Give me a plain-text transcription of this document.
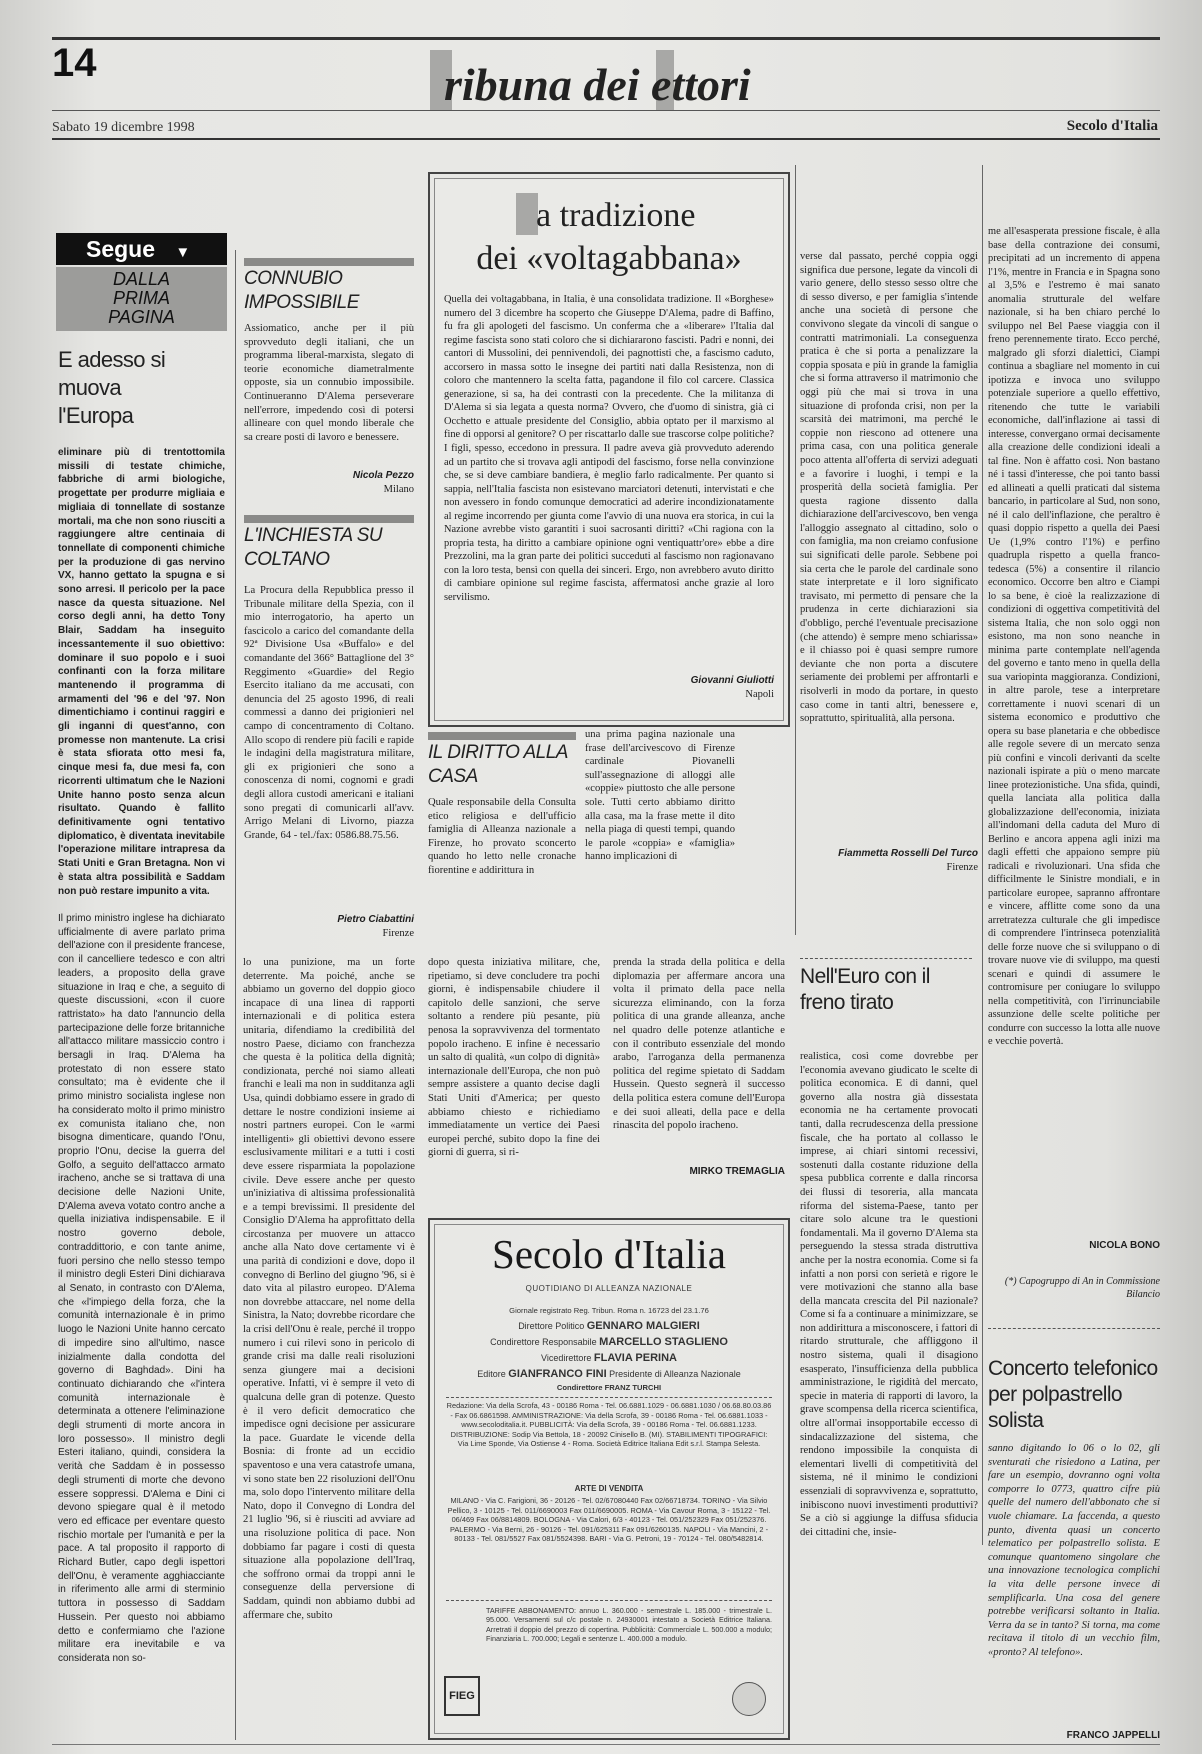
14	ribuna dei ettori
Sabato 19 dicembre 1998	Secolo d'Italia
Segue ▼
DALLA PRIMA PAGINA
E adesso si muova l'Europa
eliminare più di trentottomila missili di testate chimiche, fabbriche di armi biologiche, progettate per produrre migliaia e migliaia di tonnellate di sostanze mortali, ma che non sono riusciti a raggiungere altre centinaia di tonnellate di componenti chimiche per la produzione di gas nervino VX, hanno gettato la spugna e si sono arresi. Il pericolo per la pace nasce da questa situazione. Nel corso degli anni, ha detto Tony Blair, Saddam ha inseguito incessantemente il suo obiettivo: dominare il suo popolo e i suoi confinanti con la forza militare mantenendo il programma di armamenti del '96 e del '97. Non dimentichiamo i continui raggiri e gli inganni di quest'anno, con promesse non mantenute. La crisi è stata sfiorata otto mesi fa, cinque mesi fa, due mesi fa, con ricorrenti ultimatum che le Nazioni Unite hanno posto senza alcun risultato. Quando è fallito definitivamente ogni tentativo diplomatico, è diventata inevitabile l'operazione militare intrapresa da Stati Uniti e Gran Bretagna. Non vi è stata altra possibilità e Saddam non può restare impunito a vita.
Il primo ministro inglese ha dichiarato ufficialmente di avere parlato prima dell'azione con il presidente francese, con il cancelliere tedesco e con altri leaders, a proposito della grave situazione in Iraq e che, a seguito di queste discussioni, «con il cuore rattristato» ha dato l'annuncio della partecipazione delle forze britanniche all'attacco militare massiccio contro i bersagli in Iraq. D'Alema ha protestato di non essere stato consultato; ma è evidente che il primo ministro socialista inglese non ha considerato molto il primo ministro ex comunista italiano che, non bisogna dimenticare, quando l'Onu, proprio l'Onu, decise la guerra del Golfo, a seguito dell'attacco armato iracheno, anche se si trattava di una decisione delle Nazioni Unite, D'Alema aveva votato contro anche a quella iniziativa indispensabile. E il nostro governo debole, contraddittorio, e con tante anime, fuori persino che nello stesso tempo il ministro degli Esteri Dini dichiarava al Senato, in contrasto con D'Alema, che «l'impiego della forza, che la comunità internazionale è in primo luogo le Nazioni Unite hanno cercato di impedire sino all'ultimo, nasce inizialmente dalla condotta del governo di Baghdad». Dini ha continuato dichiarando che «l'intera comunità internazionale è determinata a ottenere l'eliminazione degli strumenti di morte ancora in loro possesso». Il ministro degli Esteri italiano, quindi, considera la verità che Saddam è in possesso degli strumenti di morte che devono essere soppressi. D'Alema e Dini ci devono spiegare qual è il metodo vero ed efficace per eventare questo rischio mortale per l'umanità e per la pace. A tal proposito il rapporto di Richard Butler, capo degli ispettori dell'Onu, è veramente agghiacciante in riferimento alle armi di sterminio tuttora in possesso di Saddam Hussein. Per questo noi abbiamo detto e confermiamo che l'azione militare era inevitabile e va considerata non so-
CONNUBIO IMPOSSIBILE
Assiomatico, anche per il più sprovveduto degli italiani, che un programma liberal-marxista, slegato di teorie economiche diametralmente opposte, sia un connubio impossibile. Continueranno D'Alema perseverare nell'errore, impedendo così di potersi allineare con quel mondo liberale che sa creare posti di lavoro e benessere.
Nicola Pezzo
Milano
L'INCHIESTA SU COLTANO
La Procura della Repubblica presso il Tribunale militare della Spezia, con il mio interrogatorio, ha aperto un fascicolo a carico del comandante della 92ª Divisione Usa «Buffalo» e del comandante del 366° Battaglione del 3° Reggimento «Guardie» del Regio Esercito italiano da me accusati, con denuncia del 25 agosto 1996, di reali commessi a danno dei prigionieri nel campo di concentramento di Coltano. Allo scopo di rendere più facili e rapide le indagini della magistratura militare, gli ex prigionieri che sono a conoscenza di nomi, cognomi e gradi degli allora custodi americani e italiani sono pregati di comunicarli all'avv. Arrigo Melani di Livorno, piazza Grande, 64 - tel./fax: 0586.88.75.56.
Pietro Ciabattini
Firenze
a tradizione
dei «voltagabbana»
Quella dei voltagabbana, in Italia, è una consolidata tradizione. Il «Borghese» numero del 3 dicembre ha scoperto che Giuseppe D'Alema, padre di Baffino, fu fra gli apologeti del fascismo. Un conferma che a «liberare» l'Italia dal regime fascista sono stati coloro che si dichiararono fascisti. Padri e nonni, dei cantori di Mussolini, dei pennivendoli, dei pagnottisti che, a fascismo caduto, accorsero in massa sotto le insegne dei partiti nati dalla Resistenza, non di coloro che mantennero la scelta fatta, pagandone il filo col carcere. Classica generazione, si sa, ha dei contrasti con la precedente. Che la militanza di D'Alema si sia legata a questa norma? Ovvero, che d'uomo di sinistra, già ci Occhetto e attuale presidente del Consiglio, abbia optato per il marxismo al fine di opporsi al genitore? O per riscattarlo dalle sue trascorse colpe politiche? I figli, spesso, eccedono in pressura. Il padre aveva già provveduto aderendo ad un partito che si trovava agli antipodi del fascismo, forse nella convinzione che, se si deve cambiare bandiera, è meglio farlo radicalmente. Per quanto si sappia, nell'Italia fascista non esistevano marciatori detenuti, intervistati e che non avessero in fondo comunque democratici ad aderire incondizionatamente al regime incorrendo per giunta come l'avvio di una nuova era storica, in cui la Nazione avrebbe visto garantiti i suoi sacrosanti diritti? «Chi ragiona con la propria testa, ha diritto a cambiare opinione ogni ventiquattr'ore» ebbe a dire Prezzolini, ma la gran parte dei politici succeduti al fascismo non ragionavano con la loro testa, bensì con quella dei sinceri. Ergo, non avrebbero avuto diritto di cambiare opinione sul regime fascista, affermatosi anche grazie al loro servilismo.
Giovanni Giuliotti
Napoli
IL DIRITTO ALLA CASA
Quale responsabile della Consulta etico religiosa e dell'ufficio famiglia di Alleanza nazionale a Firenze, ho provato sconcerto quando ho letto nelle cronache fiorentine e addirittura in
una prima pagina nazionale una frase dell'arcivescovo di Firenze cardinale Piovanelli sull'assegnazione di alloggi alle «coppie» piuttosto che alle persone sole. Tutti certo abbiamo diritto alla casa, ma la frase mette il dito nella piaga di questi tempi, quando le parole «coppia» e «famiglia» hanno implicazioni di
verse dal passato, perché coppia oggi significa due persone, legate da vincoli di vario genere, dello stesso sesso oltre che di sesso diverso, e per famiglia s'intende anche una società di persone che convivono slegate da vincoli di sangue o contratti matrimoniali. La conseguenza pratica è che si porta a penalizzare la coppia sposata e più in grande la famiglia che si forma attraverso il matrimonio che oggi più che mai si trova in una situazione di profonda crisi, non per la scarsità dei matrimoni, ma perché le coppie non riescono ad ottenere una prima casa, con una politica generale poco attenta all'offerta di servizi adeguati e a favorire i luoghi, i tempi e la prosperità della società famiglia. Per questa ragione dissento dalla dichiarazione dell'arcivescovo, ben venga l'alloggio assegnato al cittadino, solo o con famiglia, ma non creiamo confusione sui significati delle parole. Sebbene poi sia certa che le parole del cardinale sono state interpretate e il loro significato travisato, mi permetto di pensare che la prudenza in certe dichiarazioni sia d'obbligo, perché l'eventuale precisazione (che attendo) è sempre meno schiarissa» e il chiasso poi è quasi sempre rumore deviante che non porta a discutere seriamente dei problemi per affrontarli e risolverli in modo da portare, in questo caso come in tanti altri, benessere e, soprattutto, spiritualità, alla persona.
Fiammetta Rosselli Del Turco
Firenze
me all'esasperata pressione fiscale, è alla base della contrazione dei consumi, precipitati ad un incremento di appena l'1%, mentre in Francia e in Spagna sono al 3,5% e l'estremo è mai sanato anomalia strutturale del welfare nazionale, si ha ben chiaro perché lo sviluppo nel Bel Paese viaggia con il freno perennemente tirato. Ecco perché, malgrado gli sforzi dialettici, Ciampi continua a sbagliare nel momento in cui ipotizza e invoca uno sviluppo potenziale superiore a quello effettivo, ritenendo che tutte le variabili economiche, dall'inflazione ai tassi di interesse, convergano ormai decisamente alla creazione delle condizioni ideali a tal fine. Non è affatto così. Non bastano né i tassi d'interesse, che poi tanto bassi ed allineati a quelli praticati dal sistema bancario, in particolare al Sud, non sono, né il calo dell'inflazione, che peraltro è quasi doppio rispetto a quella dei Paesi Ue (1,9% contro l'1%) e perfino quadrupla rispetto a quella franco-tedesca (5%) a consentire il rilancio economico. Occorre ben altro e Ciampi lo sa bene, è cioè la realizzazione di condizioni di oggettiva competitività del sistema Italia, che non solo oggi non esistono, ma non sono neanche in minima parte contemplate nell'agenda del governo e tanto meno in quella della sua variopinta maggioranza. Condizioni, in altre parole, tese a interpretare correttamente i nuovi scenari di un sistema economico e produttivo che opera su base planetaria e che obbedisce alle regole severe di un mercato senza più confini e vincoli derivanti da scelte nazionali ispirate a più o meno marcate linee protezionistiche. Una sfida, quindi, quella lanciata alla politica dalla globalizzazione dell'economia, iniziata all'indomani della caduta del Muro di Berlino e ancora appena agli inizi ma dagli effetti che appaiono sempre più radicali e rivoluzionari. Una sfida che difficilmente le Sinistre mondiali, e in particolare europee, sapranno affrontare e vincere, afflitte come sono da una arretratezza culturale che gli impedisce di comprendere l'intrinseca potenzialità delle forze nuove che si sviluppano o di trovare nuove vie di sviluppo, ma questi scenari e quindi di assumere le contromisure per coniugare lo sviluppo nella competitività, con l'irrinunciabile assunzione delle scelte politiche per condurre con successo la lotta alle nuove e vecchie povertà.
NICOLA BONO
(*) Capogruppo di An in Commissione Bilancio
Concerto telefonico per polpastrello solista
sanno digitando lo 06 o lo 02, gli sventurati che risiedono a Latina, per fare un esempio, dovranno ogni volta comporre lo 0773, quattro cifre più quelle del numero dell'abbonato che si vuole chiamare. La faccenda, a questo punto, diventa quasi un concerto telematico per polpastrello solista. E comunque quantomeno singolare che una innovazione tecnologica complichi la vita delle persone invece di semplificarla. Una cosa del genere potrebbe verificarsi soltanto in Italia. Verra da se in tanto? Si torna, ma come recitava il titolo di un vecchio film, «pronto? Al telefono».
FRANCO JAPPELLI
lo una punizione, ma un forte deterrente. Ma poiché, anche se abbiamo un governo del doppio gioco incapace di una linea di rapporti internazionali e di politica estera unitaria, difendiamo la credibilità del nostro Paese, diciamo con franchezza che questa è la politica della dignità; condizionata, perché noi siamo alleati franchi e leali ma non in sudditanza agli Usa, quindi dobbiamo essere in grado di dettare le nostre condizioni insieme ai nostri partners europei. Con le «armi intelligenti» gli obiettivi devono essere esclusivamente militari e a tutti i costi deve essere risparmiata la popolazione civile. Deve essere anche per questo un'iniziativa di altissima professionalità e a tempi brevissimi. Il presidente del Consiglio D'Alema ha approfittato della circostanza per muovere un attacco anche alla Nato dove certamente vi è una parità di condizioni e dove, dopo il convegno di Berlino del giugno '96, si è dato vita al pilastro europeo. D'Alema non dovrebbe attaccare, nel nome della Sinistra, la Nato; dovrebbe ricordare che la crisi dell'Onu è reale, perché il troppo numero i cui rilevi sono in pericolo di grande crisi ma dalle reali risoluzioni senza giungere mai a decisioni operative. Infatti, vi è sempre il veto di qualcuna delle gran di potenze. Questo è il vero deficit democratico che impedisce ogni decisione per assicurare la pace. Guardate le vicende della Bosnia: di fronte ad un eccidio spaventoso e una vera catastrofe umana, vi sono state ben 22 risoluzioni dell'Onu ma, solo dopo l'intervento militare della Nato, dopo il Convegno di Londra del 21 luglio '96, si è riusciti ad avviare ad una risoluzione politica di pace. Non dobbiamo far pagare i costi di questa situazione alla popolazione dell'Iraq, che soffrono ormai da troppi anni le conseguenze della perversione di Saddam, quindi non abbiamo dubbi ad affermare che, subito
dopo questa iniziativa militare, che, ripetiamo, si deve concludere tra pochi giorni, è indispensabile chiudere il capitolo delle sanzioni, che serve soltanto a rendere più pesante, più penosa la sopravvivenza del tormentato popolo iracheno. E infine è necessario un salto di qualità, «un colpo di dignità» internazionale dell'Europa, che non può sempre assistere a quanto decise dagli Stati Uniti d'America; per questo abbiamo chiesto e richiediamo immediatamente un vertice dei Paesi europei perché, subito dopo la fine dei giorni di guerra, si ri-
prenda la strada della politica e della diplomazia per affermare ancora una volta il primato della pace nella sicurezza eliminando, con la forza politica di una grande alleanza, anche nel quadro delle potenze atlantiche e con il contributo essenziale del mondo arabo, l'arroganza della permanenza politica del regime spietato di Saddam Hussein. Questo segnerà il successo della politica estera comune dell'Europa e dei suoi alleati, della pace e della rinascita del popolo iracheno.
MIRKO TREMAGLIA
Nell'Euro con il freno tirato
realistica, così come dovrebbe per l'economia avevano giudicato le scelte di politica economica. E di danni, quel governo alla nostra già dissestata economia ne ha certamente provocati tanti, dalla recrudescenza della pressione fiscale, che ha portato al collasso le imprese, ai chiari sintomi recessivi, sostenuti dalla costante riduzione della spesa pubblica corrente e dalla rincorsa dei flussi di tesoreria, alla mancata riforma del sistema-Paese, tanto per citare solo alcune tra le questioni fondamentali. Ma il governo D'Alema sta perseguendo la stessa strada distruttiva anche per la nostra economia. Come si fa infatti a non porsi con serietà e rigore le vere motivazioni che stanno alla base della mancata crescita del Pil nazionale? Come si fa a continuare a minimizzare, se non addirittura a misconoscere, i fattori di ritardo strutturale, che affliggono il nostro sistema, quali il disagiono esasperato, l'insufficienza della pubblica amministrazione, le rigidità del mercato, specie in materia di rapporti di lavoro, la grave scompensa della ricerca scientifica, oltre all'ormai insopportabile eccesso di sindacalizzazione del sistema, che rendono impossibile la conquista di elementari livelli di competitività del sistema, né il minimo le condizioni essenziali di sopravvivenza e, soprattutto, inibiscono nuovi investimenti produttivi? Se a ciò si aggiunge la diffusa sfiducia dei cittadini che, insie-
Secolo d'Italia
QUOTIDIANO DI ALLEANZA NAZIONALE
Giornale registrato Reg. Tribun. Roma n. 16723 del 23.1.76
Direttore Politico GENNARO MALGIERI
Condirettore Responsabile MARCELLO STAGLIENO
Vicedirettore FLAVIA PERINA
Editore GIANFRANCO FINI Presidente di Alleanza Nazionale
Condirettore FRANZ TURCHI
Redazione: Via della Scrofa, 43 - 00186 Roma - Tel. 06.6881.1029 - 06.6881.1030 / 06.68.80.03.86 - Fax 06.6861598. AMMINISTRAZIONE: Via della Scrofa, 39 - 00186 Roma - Tel. 06.6881.1033 - www.secoloditalia.it. PUBBLICITÀ: Via della Scrofa, 39 - 00186 Roma - Tel. 06.6881.1233. DISTRIBUZIONE: Sodip Via Bettola, 18 - 20092 Cinisello B. (MI). STABILIMENTI TIPOGRAFICI: Via Lime Sponde, Via Ostiense 4 - Roma. Società Editrice Italiana Edit s.r.l. Stampa Selesta.
ARTE DI VENDITA
MILANO - Via C. Farigioni, 36 - 20126 - Tel. 02/67080440 Fax 02/66718734. TORINO - Via Silvio Pellico, 3 - 10125 - Tel. 011/6690003 Fax 011/6690005. ROMA - Via Cavour Roma, 3 - 15122 - Tel. 06/469 Fax 06/8814809. BOLOGNA - Via Calori, 6/3 - 40123 - Tel. 051/252329 Fax 051/252376. PALERMO - Via Berni, 26 - 90126 - Tel. 091/625311 Fax 091/6260135. NAPOLI - Via Mancini, 2 - 80133 - Tel. 081/5527 Fax 081/5524398. BARI - Via G. Petroni, 19 - 70124 - Tel. 080/5482814.
TARIFFE ABBONAMENTO: annuo L. 360.000 - semestrale L. 185.000 - trimestrale L. 95.000. Versamenti sul c/c postale n. 24930001 intestato a Società Editrice Italiana. Arretrati il doppio del prezzo di copertina. Pubblicità: Commerciale L. 500.000 a modulo; Finanziaria L. 700.000; Legali e sentenze L. 400.000 a modulo.
FIEG
